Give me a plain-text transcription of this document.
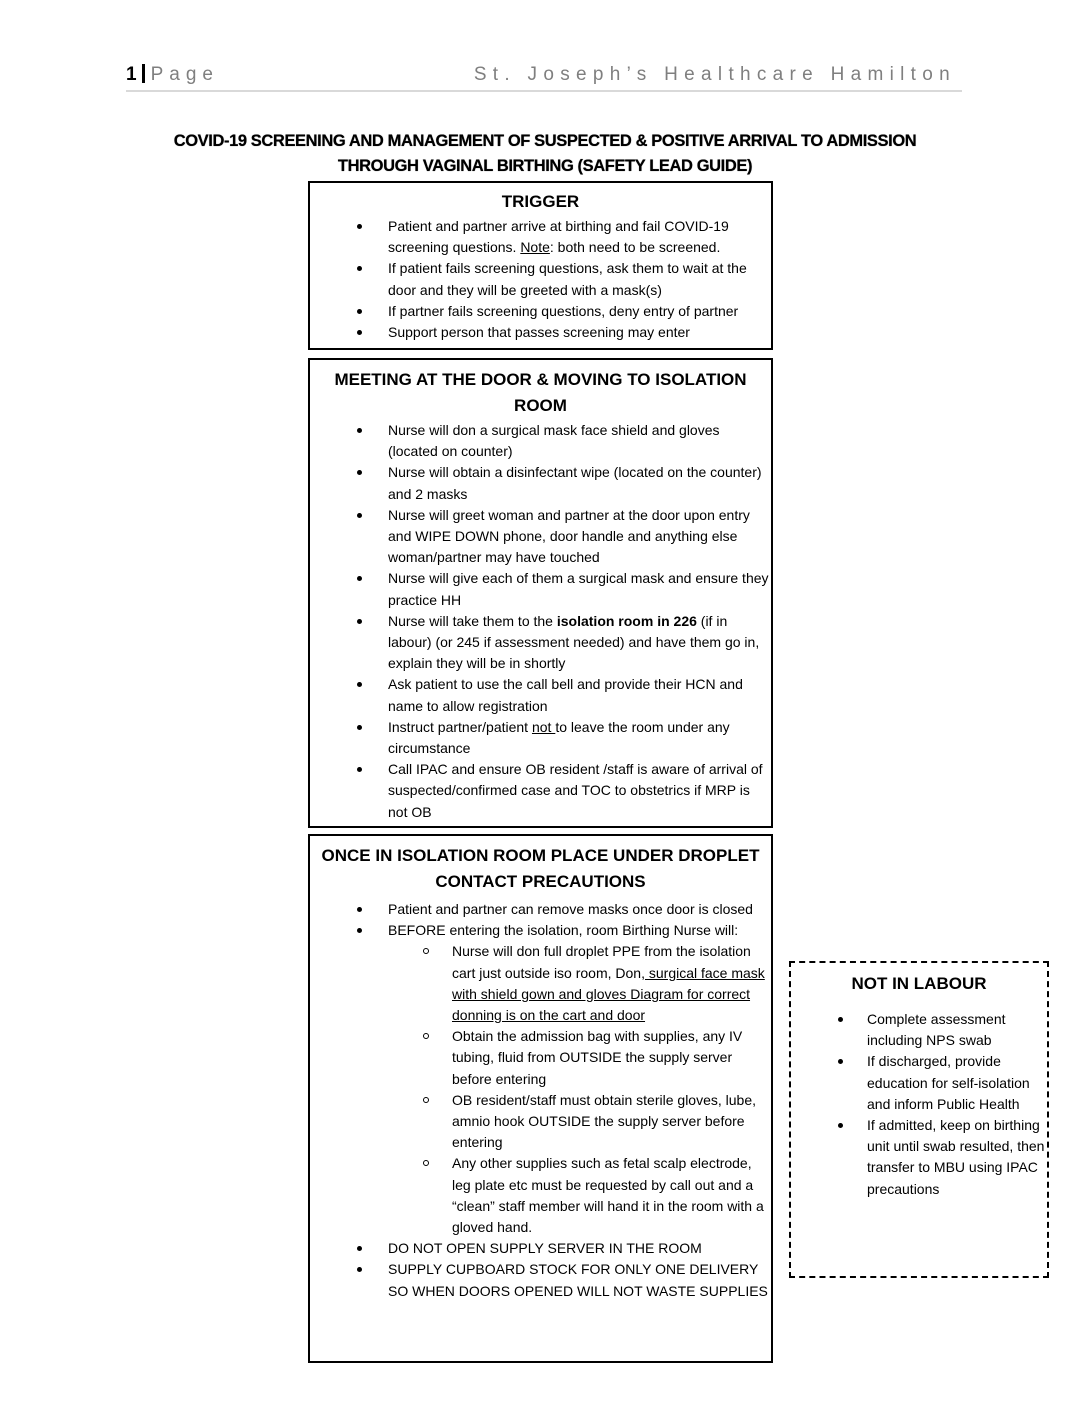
1 Page	St. Joseph’s Healthcare Hamilton
COVID-19 SCREENING AND MANAGEMENT OF SUSPECTED & POSITIVE ARRIVAL TO ADMISSION
THROUGH VAGINAL BIRTHING (SAFETY LEAD GUIDE)
TRIGGER
Patient and partner arrive at birthing and fail COVID-19 screening questions. Note: both need to be screened.
If patient fails screening questions, ask them to wait at the door and they will be greeted with a mask(s)
If partner fails screening questions, deny entry of partner
Support person that passes screening may enter
MEETING AT THE DOOR & MOVING TO ISOLATION
ROOM
Nurse will don a surgical mask face shield and gloves (located on counter)
Nurse will obtain a disinfectant wipe (located on the counter) and 2 masks
Nurse will greet woman and partner at the door upon entry and WIPE DOWN phone, door handle and anything else woman/partner may have touched
Nurse will give each of them a surgical mask and ensure they practice HH
Nurse will take them to the isolation room in 226 (if in labour) (or 245 if assessment needed) and have them go in, explain they will be in shortly
Ask patient to use the call bell and provide their HCN and name to allow registration
Instruct partner/patient not to leave the room under any circumstance
Call IPAC and ensure OB resident /staff is aware of arrival of suspected/confirmed case and TOC to obstetrics if MRP is not OB
ONCE IN ISOLATION ROOM PLACE UNDER DROPLET
CONTACT PRECAUTIONS
Patient and partner can remove masks once door is closed
BEFORE entering the isolation, room Birthing Nurse will:
Nurse will don full droplet PPE from the isolation cart just outside iso room, Don, surgical face mask with shield gown and gloves Diagram for correct donning is on the cart and door
Obtain the admission bag with supplies, any IV tubing, fluid from OUTSIDE the supply server before entering
OB resident/staff must obtain sterile gloves, lube, amnio hook OUTSIDE the supply server before entering
Any other supplies such as fetal scalp electrode, leg plate etc must be requested by call out and a “clean” staff member will hand it in the room with a gloved hand.
DO NOT OPEN SUPPLY SERVER IN THE ROOM
SUPPLY CUPBOARD STOCK FOR ONLY ONE DELIVERY SO WHEN DOORS OPENED WILL NOT WASTE SUPPLIES
NOT IN LABOUR
Complete assessment including NPS swab
If discharged, provide education for self-isolation and inform Public Health
If admitted, keep on birthing unit until swab resulted, then transfer to MBU using IPAC precautions
